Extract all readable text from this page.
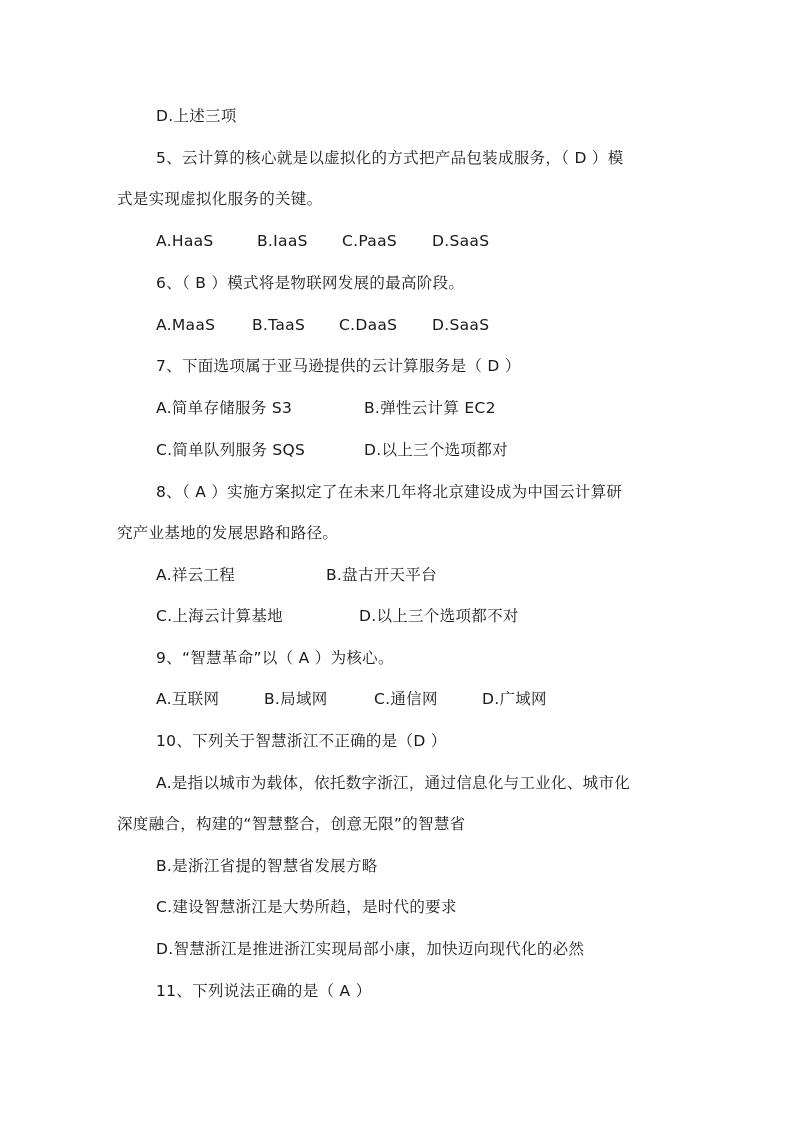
D.上述三项
5、云计算的核心就是以虚拟化的方式把产品包装成服务，（ D ）模
式是实现虚拟化服务的关键。
A.HaaS	B.IaaS C.PaaS D.SaaS
6、（ B ）模式将是物联网发展的最高阶段。
A.MaaS B.TaaS C.DaaS D.SaaS
7、下面选项属于亚马逊提供的云计算服务是（ D ）
A.简单存储服务 S3	B.弹性云计算 EC2
C.简单队列服务 SQS	D.以上三个选项都对
8、（ A ）实施方案拟定了在未来几年将北京建设成为中国云计算研
究产业基地的发展思路和路径。
A.祥云工程	B.盘古开天平台
C.上海云计算基地	D.以上三个选项都不对
9、“智慧革命”以（ A ）为核心。
A.互联网	B.局域网	C.通信网	D.广域网
10、下列关于智慧浙江不正确的是（D ）
A.是指以城市为载体，依托数字浙江，通过信息化与工业化、城市化
深度融合，构建的“智慧整合，创意无限”的智慧省
B.是浙江省提的智慧省发展方略
C.建设智慧浙江是大势所趋，是时代的要求
D.智慧浙江是推进浙江实现局部小康，加快迈向现代化的必然
11、下列说法正确的是（ A ）
